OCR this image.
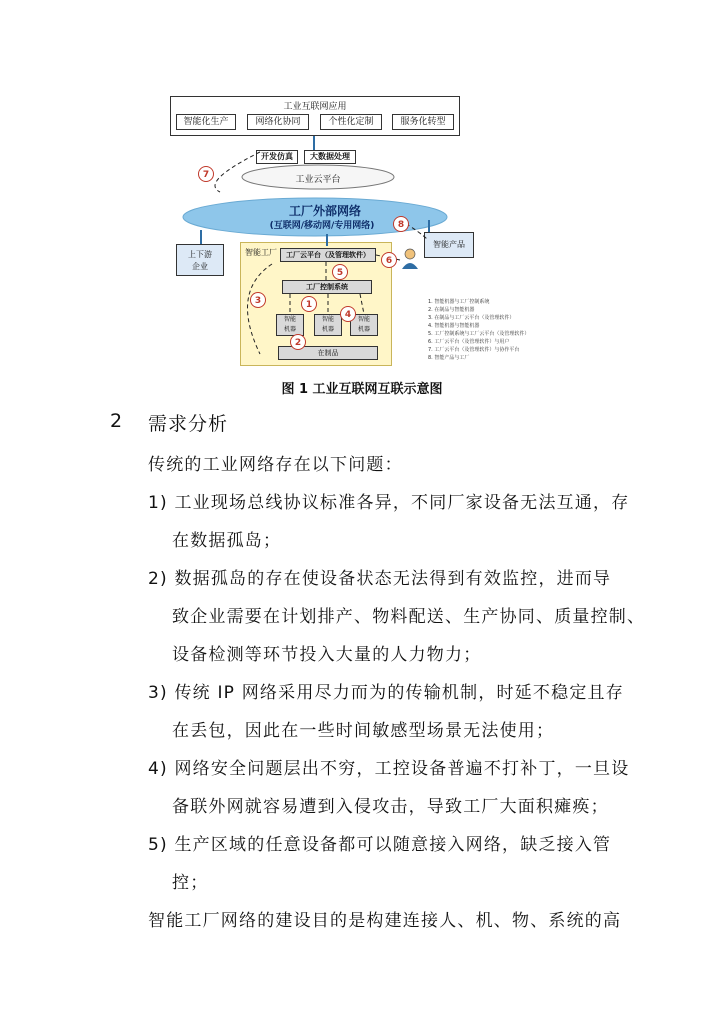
工业互联网应用
智能化生产	网络化协同	个性化定制	服务化转型
开发仿真	大数据处理
工业云平台
工厂外部网络
(互联网/移动网/专用网络)
上下游
企业
智能产品
智能工厂	工厂云平台（及管理软件）
工厂控制系统
智能
机器
智能
机器
智能
机器
在制品
1
2
3
4
5
6
7
8
1. 智能机器与工厂控制系统
2. 在制品与智能机器
3. 在制品与工厂云平台（及管理软件）
4. 智能机器与智能机器
5. 工厂控制系统与工厂云平台（及管理软件）
6. 工厂云平台（及管理软件）与用户
7. 工厂云平台（及管理软件）与协作平台
8. 智能产品与工厂
图 1 工业互联网互联示意图
2 需求分析
传统的工业网络存在以下问题：
1) 工业现场总线协议标准各异，不同厂家设备无法互通，存
在数据孤岛；
2) 数据孤岛的存在使设备状态无法得到有效监控，进而导
致企业需要在计划排产、物料配送、生产协同、质量控制、
设备检测等环节投入大量的人力物力；
3) 传统 IP 网络采用尽力而为的传输机制，时延不稳定且存
在丢包，因此在一些时间敏感型场景无法使用；
4) 网络安全问题层出不穷，工控设备普遍不打补丁，一旦设
备联外网就容易遭到入侵攻击，导致工厂大面积瘫痪；
5) 生产区域的任意设备都可以随意接入网络，缺乏接入管
控；
智能工厂网络的建设目的是构建连接人、机、物、系统的高
